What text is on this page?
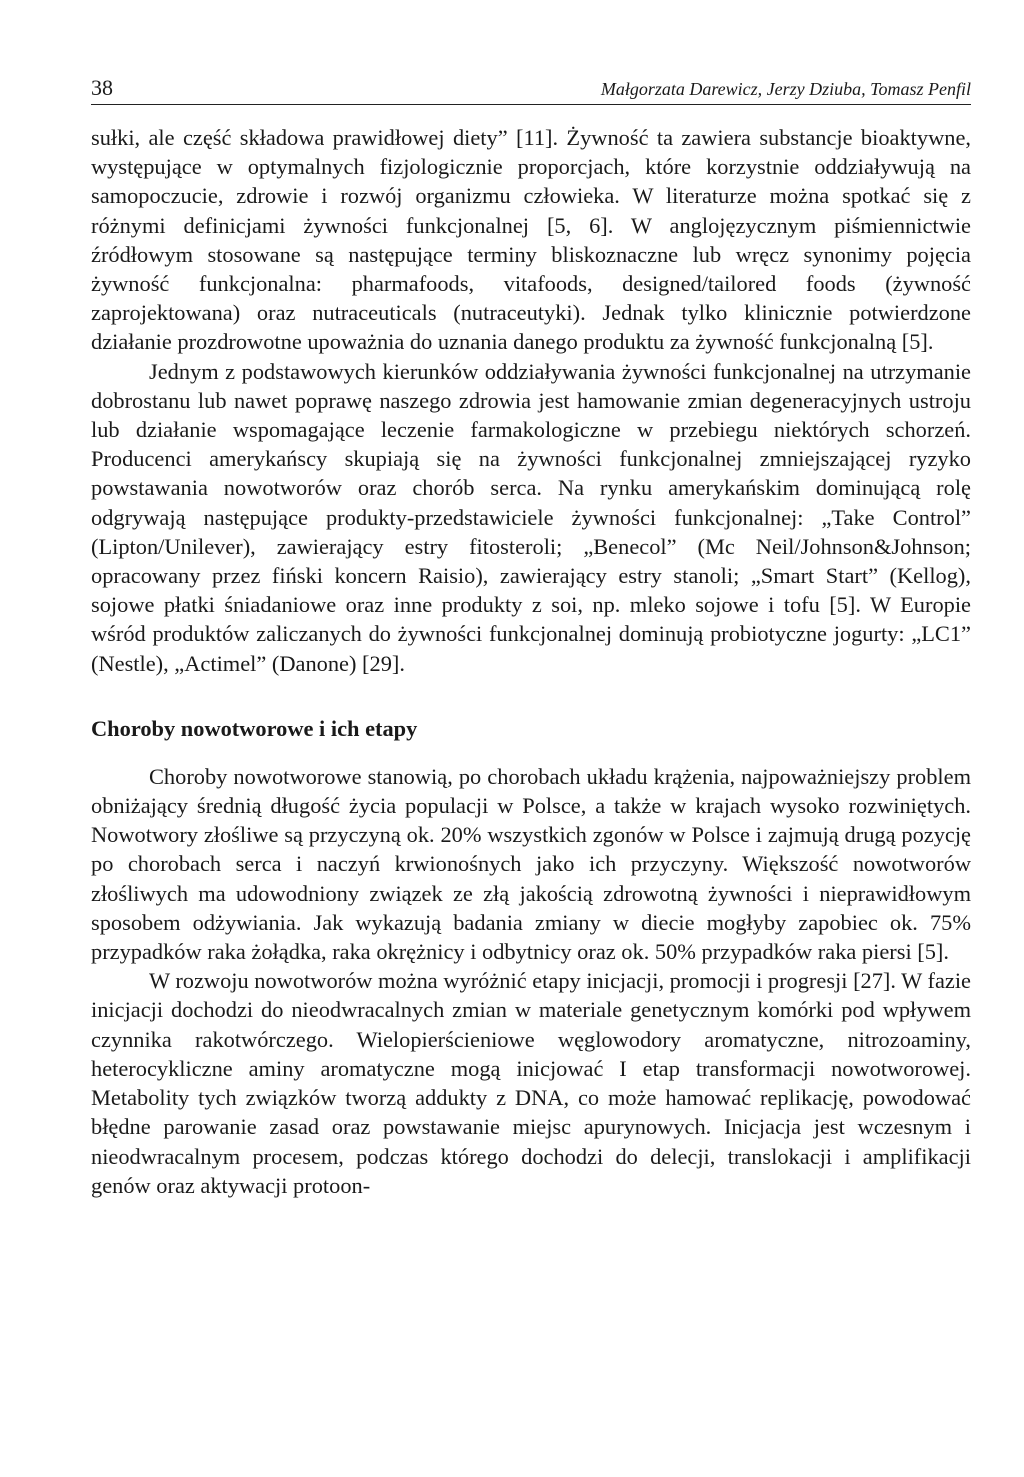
38	Małgorzata Darewicz, Jerzy Dziuba, Tomasz Penfil

sułki, ale część składowa prawidłowej diety” [11]. Żywność ta zawiera substancje bioaktywne, występujące w optymalnych fizjologicznie proporcjach, które korzystnie oddziaływują na samopoczucie, zdrowie i rozwój organizmu człowieka. W literaturze można spotkać się z różnymi definicjami żywności funkcjonalnej [5, 6]. W anglojęzycznym piśmiennictwie źródłowym stosowane są następujące terminy bliskoznaczne lub wręcz synonimy pojęcia żywność funkcjonalna: pharmafoods, vitafoods, designed/tailored foods (żywność zaprojektowana) oraz nutraceuticals (nutraceutyki). Jednak tylko klinicznie potwierdzone działanie prozdrowotne upoważnia do uznania danego produktu za żywność funkcjonalną [5].

Jednym z podstawowych kierunków oddziaływania żywności funkcjonalnej na utrzymanie dobrostanu lub nawet poprawę naszego zdrowia jest hamowanie zmian degeneracyjnych ustroju lub działanie wspomagające leczenie farmakologiczne w przebiegu niektórych schorzeń. Producenci amerykańscy skupiają się na żywności funkcjonalnej zmniejszającej ryzyko powstawania nowotworów oraz chorób serca. Na rynku amerykańskim dominującą rolę odgrywają następujące produkty-przedstawiciele żywności funkcjonalnej: „Take Control” (Lipton/Unilever), zawierający estry fitosteroli; „Benecol” (Mc Neil/Johnson&Johnson; opracowany przez fiński koncern Raisio), zawierający estry stanoli; „Smart Start” (Kellog), sojowe płatki śniadaniowe oraz inne produkty z soi, np. mleko sojowe i tofu [5]. W Europie wśród produktów zaliczanych do żywności funkcjonalnej dominują probiotyczne jogurty: „LC1” (Nestle), „Actimel” (Danone) [29].

Choroby nowotworowe i ich etapy

Choroby nowotworowe stanowią, po chorobach układu krążenia, najpoważniejszy problem obniżający średnią długość życia populacji w Polsce, a także w krajach wysoko rozwiniętych. Nowotwory złośliwe są przyczyną ok. 20% wszystkich zgonów w Polsce i zajmują drugą pozycję po chorobach serca i naczyń krwionośnych jako ich przyczyny. Większość nowotworów złośliwych ma udowodniony związek ze złą jakością zdrowotną żywności i nieprawidłowym sposobem odżywiania. Jak wykazują badania zmiany w diecie mogłyby zapobiec ok. 75% przypadków raka żołądka, raka okrężnicy i odbytnicy oraz ok. 50% przypadków raka piersi [5].

W rozwoju nowotworów można wyróżnić etapy inicjacji, promocji i progresji [27]. W fazie inicjacji dochodzi do nieodwracalnych zmian w materiale genetycznym komórki pod wpływem czynnika rakotwórczego. Wielopierścieniowe węglowodory aromatyczne, nitrozoaminy, heterocykliczne aminy aromatyczne mogą inicjować I etap transformacji nowotworowej. Metabolity tych związków tworzą addukty z DNA, co może hamować replikację, powodować błędne parowanie zasad oraz powstawanie miejsc apurynowych. Inicjacja jest wczesnym i nieodwracalnym procesem, podczas którego dochodzi do delecji, translokacji i amplifikacji genów oraz aktywacji protoon-
